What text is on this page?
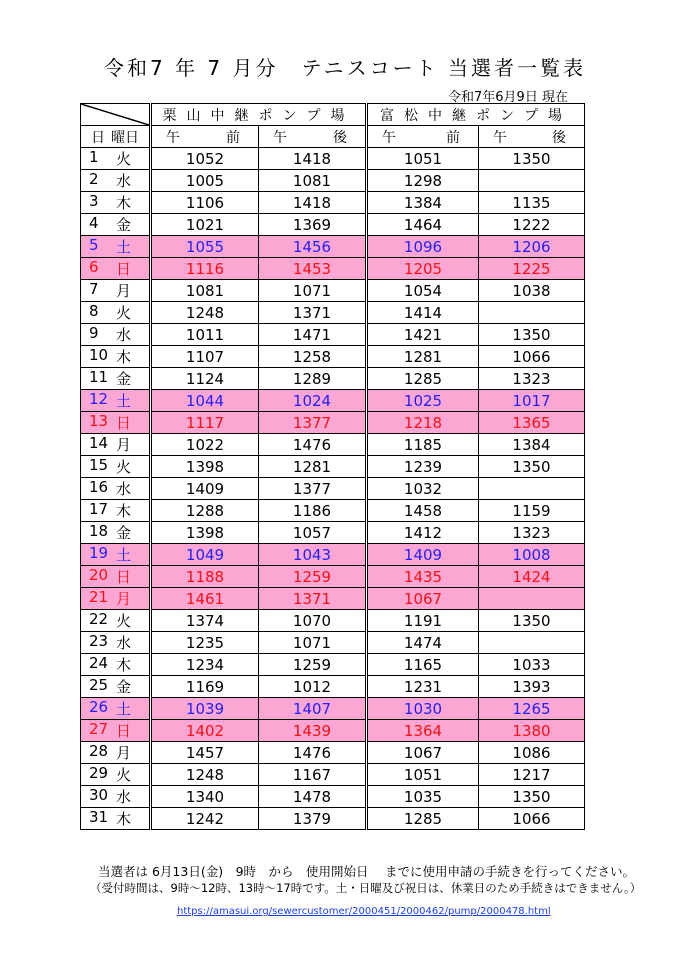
令和7 年 7 月分　テニスコート 当選者一覧表
令和7年6月9日 現在
	栗山中継ポンプ場		富松中継ポンプ場	

日 曜日	午 前	午 後	午 前	午 後

1 火	1052	1418	1051	1350

2 水	1005	1081	1298	

3 木	1106	1418	1384	1135

4 金	1021	1369	1464	1222

5 土	1055	1456	1096	1206

6 日	1116	1453	1205	1225

7 月	1081	1071	1054	1038

8 火	1248	1371	1414	

9 水	1011	1471	1421	1350

10 木	1107	1258	1281	1066

11 金	1124	1289	1285	1323

12 土	1044	1024	1025	1017

13 日	1117	1377	1218	1365

14 月	1022	1476	1185	1384

15 火	1398	1281	1239	1350

16 水	1409	1377	1032	

17 木	1288	1186	1458	1159

18 金	1398	1057	1412	1323

19 土	1049	1043	1409	1008

20 日	1188	1259	1435	1424

21 月	1461	1371	1067	

22 火	1374	1070	1191	1350

23 水	1235	1071	1474	

24 木	1234	1259	1165	1033

25 金	1169	1012	1231	1393

26 土	1039	1407	1030	1265

27 日	1402	1439	1364	1380

28 月	1457	1476	1067	1086

29 火	1248	1167	1051	1217

30 水	1340	1478	1035	1350

31 木	1242	1379	1285	1066
当選者は 6月13日(金)　9時　から　使用開始日　 までに使用申請の手続きを行ってください。
（受付時間は、9時～12時、13時～17時です。土・日曜及び祝日は、休業日のため手続きはできません。）
https://amasui.org/sewercustomer/2000451/2000462/pump/2000478.html
